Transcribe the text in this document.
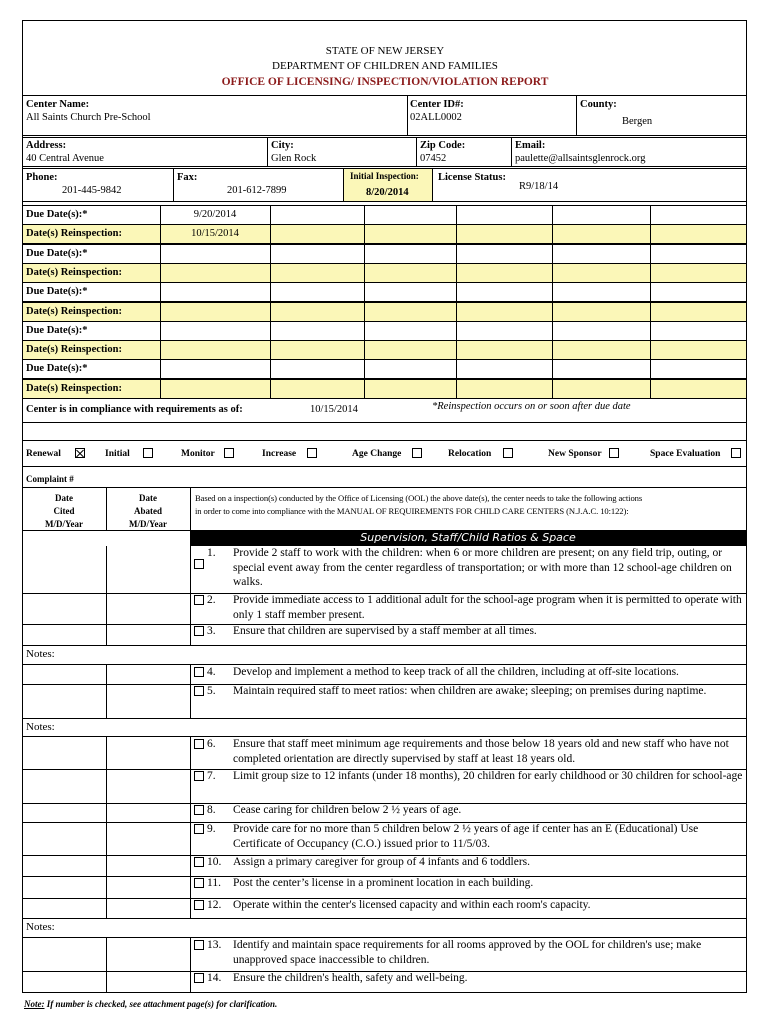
STATE OF NEW JERSEY
DEPARTMENT OF CHILDREN AND FAMILIES
OFFICE OF LICENSING/ INSPECTION/VIOLATION REPORT
Center Name:
All Saints Church Pre-School
Center ID#:
02ALL0002
County:
Bergen
Address:
40 Central Avenue
City:
Glen Rock
Zip Code:
07452
Email:
paulette@allsaintsglenrock.org
Phone:
201-445-9842
Fax:
201-612-7899
Initial Inspection:
8/20/2014
License Status:
R9/18/14
Due Date(s):*	9/20/2014
Date(s) Reinspection:	10/15/2014
Due Date(s):*
Date(s) Reinspection:
Due Date(s):*
Date(s) Reinspection:
Due Date(s):*
Date(s) Reinspection:
Due Date(s):*
Date(s) Reinspection:
Center is in compliance with requirements as of:	10/15/2014	*Reinspection occurs on or soon after due date
Renewal	Initial	Monitor	Increase	Age Change	Relocation	New Sponsor	Space Evaluation
Complaint #
Date
Cited
M/D/Year
Date
Abated
M/D/Year
Based on a inspection(s) conducted by the Office of Licensing (OOL) the above date(s), the center needs to take the following actions
in order to come into compliance with the MANUAL OF REQUIREMENTS FOR CHILD CARE CENTERS (N.J.A.C. 10:122):
Supervision, Staff/Child Ratios & Space
1. Provide 2 staff to work with the children: when 6 or more children are present; on any field trip, outing, or special event away from the center regardless of transportation; or with more than 12 school-age children on walks.
2. Provide immediate access to 1 additional adult for the school-age program when it is permitted to operate with only 1 staff member present.
3. Ensure that children are supervised by a staff member at all times.
4. Develop and implement a method to keep track of all the children, including at off-site locations.
5. Maintain required staff to meet ratios: when children are awake; sleeping; on premises during naptime.
6. Ensure that staff meet minimum age requirements and those below 18 years old and new staff who have not completed orientation are directly supervised by staff at least 18 years old.
7. Limit group size to 12 infants (under 18 months), 20 children for early childhood or 30 children for school-age
8. Cease caring for children below 2 ½ years of age.
9. Provide care for no more than 5 children below 2 ½ years of age if center has an E (Educational) Use Certificate of Occupancy (C.O.) issued prior to 11/5/03.
10. Assign a primary caregiver for group of 4 infants and 6 toddlers.
11. Post the center’s license in a prominent location in each building.
12. Operate within the center's licensed capacity and within each room's capacity.
13. Identify and maintain space requirements for all rooms approved by the OOL for children's use; make unapproved space inaccessible to children.
14. Ensure the children's health, safety and well-being.
Notes:
Notes:
Notes:
Note: If number is checked, see attachment page(s) for clarification.
